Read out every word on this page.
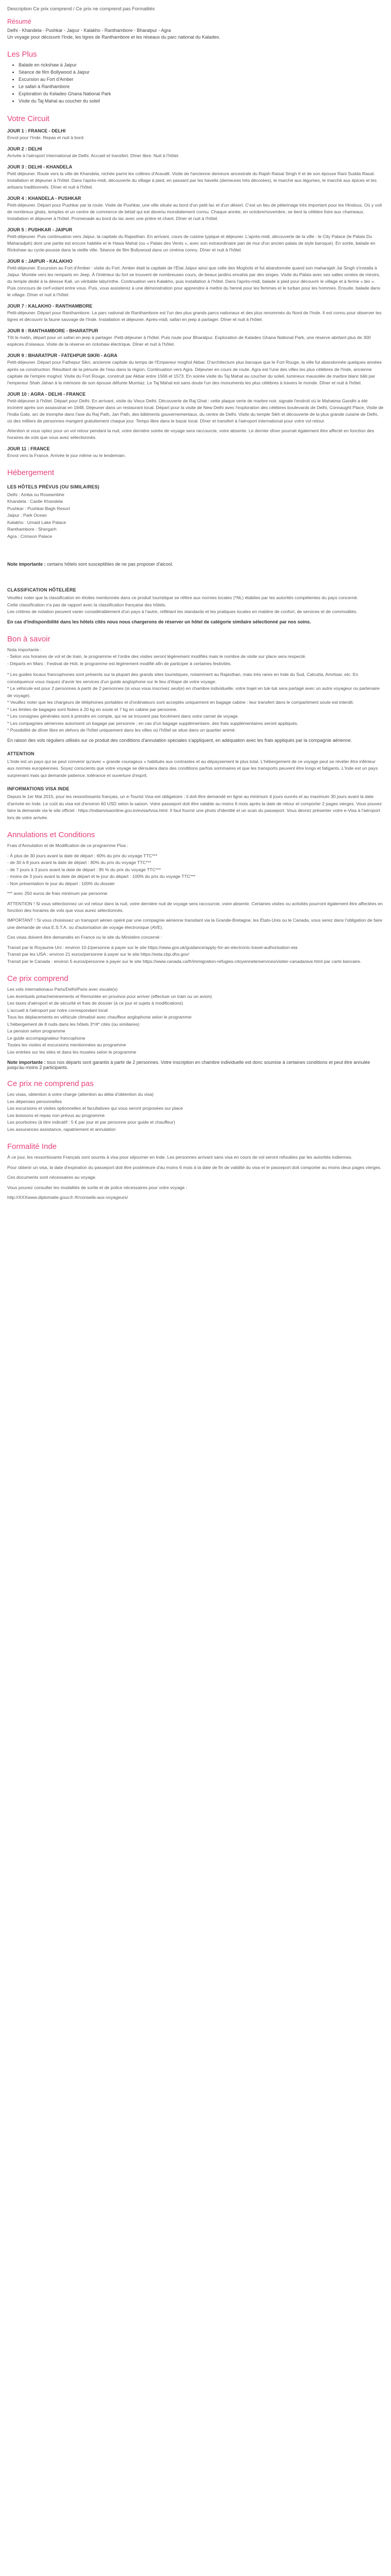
Description Ce prix comprend / Ce prix ne comprend pas Formalités
Résumé

Delhi - Khandela - Pushkar - Jaipur - Kalakho - Ranthambore - Bharatpur - Agra
Un voyage pour découvrir l'Inde, les tigres de Ranthambore et les réseaux du parc national du Kaladeo.

Les Plus
• Balade en rickshaw à Jaipur
• Séance de film Bollywood à Jaipur
• Excursion au Fort d'Amber
• Le safari à Ranthambore
• Exploration du Keladeo Ghana National Park
• Visite du Taj Mahal au coucher du soleil
Votre Circuit
JOUR 1 : FRANCE - DELHI
Envol pour l'Inde. Repas et nuit à bord.
JOUR 2 : DELHI
Arrivée à l'aéroport International de Delhi. Accueil et transfert. Dîner libre. Nuit à l'hôtel.
JOUR 3 : DELHI - KHANDELA
Petit déjeuner. Route vers la ville de Khandela, nichée parmi les collines d'Aravalli. Visite de l'ancienne demeure ancestrale du Rajah Raisal Singh II et de son épouse Rani Sudda Rasal. Installation et déjeuner à l'hôtel. Dans l'après-midi, découverte du village à pied, en passant par les havelis (demeures très décorées), le marché aux légumes, le marché aux épices et les artisans traditionnels. Dîner et nuit à l'hôtel.
JOUR 4 : KHANDELA - PUSHKAR
Petit-déjeuner. Départ pour Pushkar par la route. Visite de Pushkar, une ville située au bord d'un petit lac et d'un désert. C'est un lieu de pèlerinage très important pour les Hindous. Où y voit de nombreux ghats, temples et un centre de commerce de bétail qui est devenu mondialement connu. Chaque année, en octobre/novembre, se tient la célèbre foire aux chameaux. Installation et déjeuner à l'hôtel. Promenade au bord du lac avec une prière et chant. Dîner et nuit à l'hôtel.
JOUR 5 : PUSHKAR - JAIPUR
Petit-déjeuner. Puis continuation vers Jaipur, la capitale du Rajasthan. En arrivant, cours de cuisine typique et déjeuner. L'après-midi, découverte de la ville : le City Palace (le Palais Du Maharadjah) dont une partie est encore habitée et le Hawa Mahal (ou « Palais des Vents », avec son extraordinaire pan de mur d'un ancien palais de style baroque). En sortie, balade en Rickshaw au cycle-pousse dans la vieille ville. Séance de film Bollywood dans un cinéma connu. Dîner et nuit à l'hôtel.
JOUR 6 : JAIPUR - KALAKHO
Petit-déjeuner. Excursion au Fort d'Amber : visite du Fort. Amber était la capitale de l'État Jaipur ainsi que celle des Moghols et fut abandonnée quand son maharajah Jai Singh s'installa à Jaipur. Montée vers les remparts en Jeep. À l'intérieur du fort se trouvent de nombreuses cours, de beaux jardins envahis par des singes. Visite du Palais avec ses salles ornées de miroirs, du temple dédié à la déesse Kali, un véritable labyrinthe. Continuation vers Kalakho, puis installation à l'hôtel. Dans l'après-midi, balade à pied pour découvrir le village et à ferme « bio ». Puis concours de cerf-volant entre vous. Puis, vous assisterez à une démonstration pour apprendre à mettre du henné pour les femmes et le turban pour les hommes. Ensuite, balade dans le village. Dîner et nuit à l'hôtel.
JOUR 7 : KALAKHO - RANTHAMBORE
Petit-déjeuner. Départ pour Ranthambore. La parc national de Ranthambore est l'un des plus grands parcs nationaux et des plus renommés du Nord de l'Inde. Il est connu pour observer les tigres et découvrir la faune sauvage de l'Inde. Installation et déjeuner. Après-midi, safari en jeep à partager. Dîner et nuit à l'hôtel.
JOUR 8 : RANTHAMBORE - BHARATPUR
Tôt le matin, départ pour un safari en jeep à partager. Petit-déjeuner à l'hôtel. Puis route pour Bharatpur. Exploration de Kaladeo Ghana National Park, une réserve abritant plus de 300 espèces d'oiseaux. Visite de la réserve en rickshaw électrique. Dîner et nuit à l'hôtel.
JOUR 9 : BHARATPUR - FATEHPUR SIKRI - AGRA
Petit-déjeuner. Départ pour Fathepur Sikri, ancienne capitale du temps de l'Empereur moghol Akbar. D'architecture plus baroque que le Fort Rouge, la ville fut abandonnée quelques années après sa construction. Résultant de la pénurie de l'eau dans la région. Continuation vers Agra. Déjeuner en cours de route. Agra est l'une des villes les plus célèbres de l'Inde, ancienne capitale de l'empire moghol. Visite du Fort Rouge, construit par Akbar entre 1566 et 1573. En soirée visite du Taj Mahal au coucher du soleil, lumineux mausolée de marbre blanc bâti par l'empereur Shah Jahan à la mémoire de son épouse défunte Mumtaz. Le Taj Mahal est sans doute l'un des monuments les plus célèbres à travers le monde. Dîner et nuit à l'hôtel.
JOUR 10 : AGRA - DELHI - FRANCE
Petit-déjeuner à l'hôtel. Départ pour Delhi. En arrivant, visite du Vieux Delhi. Découverte de Raj Ghat : cette plaque verte de marbre noir, signale l'endroit où le Mahatma Gandhi a été incinéré après son assassinat en 1948. Déjeuner dans un restaurant local. Départ pour la visite de New Delhi avec l'exploration des célèbres boulevards de Delhi, Connaught Place, Visite de l'India Gate, arc de triomphe dans l'axe du Raj Path, Jan Path, des bâtiments gouvernementaux, du centre de Delhi. Visite du temple Sikh et découverte de la plus grande cuisine de Delhi, où des milliers de personnes mangent gratuitement chaque jour. Temps libre dans le bazar local. Dîner et transfert à l'aéroport international pour votre vol retour.
Attention si vous optez pour un vol retour pendant la nuit, votre dernière soirée de voyage sera raccourcie, voire absente. Le dernier dîner pourrait également être affecté en fonction des horaires de vols que vous avez sélectionnés.
JOUR 11 : FRANCE
Envol vers la France. Arrivée le jour même ou le lendemain.
Hébergement
LES HÔTELS PRÉVUS (OU SIMILAIRES)
Delhi : Amba ou Roseambhe
Khandela : Castle Khandela
Pushkar : Pushkar Bagh Resort
Jaipur : Park Ocean
Kalakho : Umaid Lake Palace
Ranthambore : Shergarh
Agra : Crimson Palace
Note importante : certains hôtels sont susceptibles de ne pas proposer d'alcool.
CLASSIFICATION HÔTELIÈRE
Veuillez noter que la classification en étoiles mentionnée dans ce produit touristique se réfère aux normes locales (*NL) établies par les autorités compétentes du pays concerné.
Cette classification n'a pas de rapport avec la classification française des hôtels.
Les critères de notation peuvent varier considérablement d'un pays à l'autre, reflétant les standards et les pratiques locales en matière de confort, de services et de commodités.

En cas d'indisponibilité dans les hôtels cités nous nous chargerons de réserver un hôtel de catégorie similaire sélectionné par nos soins.

Bon à savoir
Nota importante :
- Selon vos horaires de vol et de train, le programme et l'ordre des visites seront légèrement modifiés mais le nombre de visite sur place sera respecté.
- Départs en Mars : Festival de Holi, le programme est légèrement modifié afin de participer à certaines festivités.
* Les guides locaux francophones sont présents sur la plupart des grands sites touristiques, notamment au Rajasthan, mais très rares en Inde du Sud, Calcutta, Amritsar, etc. En conséquence vous risquez d'avoir les services d'un guide anglophone sur le lieu d'étape de votre voyage.
* Le véhicule est pour 2 personnes à partir de 2 personnes (si vous vous inscrivez seul(e) en chambre individuelle, votre trajet en tuk-tuk sera partagé avec un autre voyageur ou partenaire de voyage).
* Veuillez noter que les chargeurs de téléphones portables et d'ordinateurs sont acceptés uniquement en bagage cabine : leur transfert dans le compartiment soute est interdit.
* Les limites de bagages sont fixées à 20 kg en soute et 7 kg en cabine par personne.
* Les consignes générales sont à prendre en compte, qui ne se trouvent pas forcément dans votre carnet de voyage.
* Les compagnies aériennes autorisent un bagage par personne ; en cas d'un bagage supplémentaire, des frais supplémentaires seront appliqués.
* Possibilité de dîner libre en dehors de l'hôtel uniquement dans les villes où l'hôtel se situe dans un quartier animé.

En raison des vols réguliers utilisés sur ce produit des conditions d'annulation spéciales s'appliquent, en adéquation avec les frais appliqués par la compagnie aérienne.

ATTENTION
L'Inde est un pays qui se peut convenir qu'avec « grande courageux » habitués aux contrastes et au dépaysement le plus total. L'hébergement de ce voyage peut se révéler être inférieur aux normes européennes. Soyez conscients que votre voyage se déroulera dans des conditions parfois sommaires et que les transports peuvent être longs et fatigants. L'Inde est un pays surprenant mais qui demande patience, tolérance et ouverture d'esprit.
INFORMATIONS VISA INDE
Depuis le 1er Mai 2015, pour les ressortissants français, un e-Tourist Visa est obligatoire : il doit être demandé en ligne au minimum 4 jours ouvrés et au maximum 30 jours avant la date d'arrivée en Inde. Le coût du visa est d'environ 60 USD selon la saison. Votre passeport doit être valable au moins 6 mois après la date de retour et comporter 2 pages vierges. Vous pouvez faire la demande via le site officiel : https://indianvisaonline.gov.in/evisa/tvoa.html. Il faut fournir une photo d'identité et un scan du passeport. Vous devrez présenter votre e-Visa à l'aéroport lors de votre arrivée.
Annulations et Conditions
Frais d'Annulation et de Modification de ce programme Pixa :
- À plus de 30 jours avant la date de départ : 60% du prix du voyage TTC***
- de 30 à 8 jours avant la date de départ : 80% du prix du voyage TTC***
- de 7 jours à 3 jours avant la date de départ : 95 % du prix du voyage TTC***
- moins de 3 jours avant la date de départ et le jour du départ : 100% du prix du voyage TTC***
- Non présentation le jour du départ : 100% du dossier
*** avec 250 euros de frais minimum par personne
ATTENTION ! Si vous sélectionnez un vol retour dans la nuit, votre dernière nuit de voyage sera raccourcie, voire absente. Certaines visites ou activités pourront également être affectées en fonction des horaires de vols que vous aurez sélectionnés.
IMPORTANT ! Si vous choisissez un transport aérien opéré par une compagnie aérienne transitant via la Grande-Bretagne, les États-Unis ou le Canada, vous serez dans l'obligation de faire une demande de visa E.S.T.A. ou d'autorisation de voyage électronique (AVE).
Ces visas doivent être demandés en France ou le site du Ministère concerné :
Transit par le Royaume Uni : environ 10 £/personne à payer sur le site https://www.gov.uk/guidance/apply-for-an-electronic-travel-authorisation-eta
Transit par les USA : environ 21 euros/personne à payer sur le site https://esta.cbp.dhs.gov/
Transit par le Canada : environ 5 euros/personne à payer sur le site https://www.canada.ca/fr/immigration-refugies-citoyennete/services/visiter-canada/ave.html par carte bancaire.
Ce prix comprend
Les vols internationaux Paris/Delhi/Paris avec escale(s)
Les éventuels préacheminements et Remontée en province pour arriver (effectuer un train ou un avion)
Les taxes d'aéroport et de sécurité et frais de dossier (à ce jour et sujets à modifications)
L'accueil à l'aéroport par notre correspondant local
Tous les déplacements en véhicule climatisé avec chauffeur anglophone selon le programme
L'hébergement de 8 nuits dans les hôtels 3*/4* cités (ou similaires)
La pension selon programme
Le guide accompagnateur francophone
Toutes les visites et excursions mentionnées au programme
Les entrées sur les sites et dans les musées selon le programme
Note importante : tous nos départs sont garantis à partir de 2 personnes. Votre inscription en chambre individuelle est donc soumise à certaines conditions et peut être annulée jusqu'au moins 2 participants.
Ce prix ne comprend pas
Les visas, obtention à votre charge (attention au délai d'obtention du visa)
Les dépenses personnelles
Les excursions et visites optionnelles et facultatives qui vous seront proposées sur place
Les boissons et repas non prévus au programme
Les pourboires (à titre indicatif : 5 € par jour et par personne pour guide et chauffeur)
Les assurances assistance, rapatriement et annulation
Formalité Inde
À ce jour, les ressortissants Français sont soumis à visa pour séjourner en Inde. Les personnes arrivant sans visa en cours de vol seront refoulées par les autorités indiennes.
Pour obtenir un visa, la date d'expiration du passeport doit être postérieure d'au moins 6 mois à la date de fin de validité du visa et le passeport doit comporter au moins deux pages vierges.
Ces documents sont nécessaires au voyage.
Vous pouvez consulter les modalités de sortie et de police nécessaires pour votre voyage :
http://XXXwww.diplomatie.gouv.fr /fr/conseils-aux-voyageurs/
